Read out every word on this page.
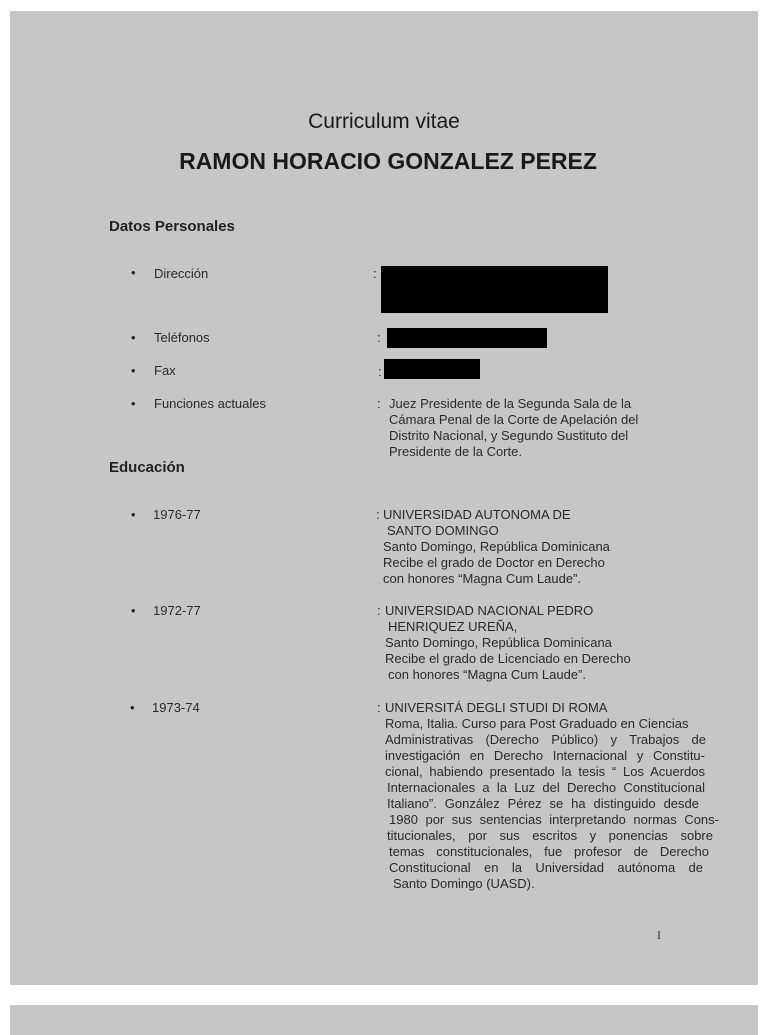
Curriculum vitae
RAMON HORACIO GONZALEZ PEREZ
Datos Personales
• Dirección	:
• Teléfonos	:
• Fax	:
• Funciones actuales	: Juez Presidente de la Segunda Sala de la
Cámara Penal de la Corte de Apelación del
Distrito Nacional, y Segundo Sustituto del
Presidente de la Corte.
Educación
• 1976-77	: UNIVERSIDAD AUTONOMA DE
SANTO DOMINGO
Santo Domingo, República Dominicana
Recibe el grado de Doctor en Derecho
con honores “Magna Cum Laude”.
• 1972-77	: UNIVERSIDAD NACIONAL PEDRO
HENRIQUEZ UREÑA,
Santo Domingo, República Dominicana
Recibe el grado de Licenciado en Derecho
con honores “Magna Cum Laude”.
• 1973-74	: UNIVERSITÁ DEGLI STUDI DI ROMA
Roma, Italia. Curso para Post Graduado en Ciencias
Administrativas (Derecho Público) y Trabajos de
investigación en Derecho Internacional y Constitu-
cional, habiendo presentado la tesis “ Los Acuerdos
Internacionales a la Luz del Derecho Constitucional
Italiano”. González Pérez se ha distinguido desde
1980 por sus sentencias interpretando normas Cons-
titucionales, por sus escritos y ponencias sobre
temas constitucionales, fue profesor de Derecho
Constitucional en la Universidad autónoma de
Santo Domingo (UASD).
I
